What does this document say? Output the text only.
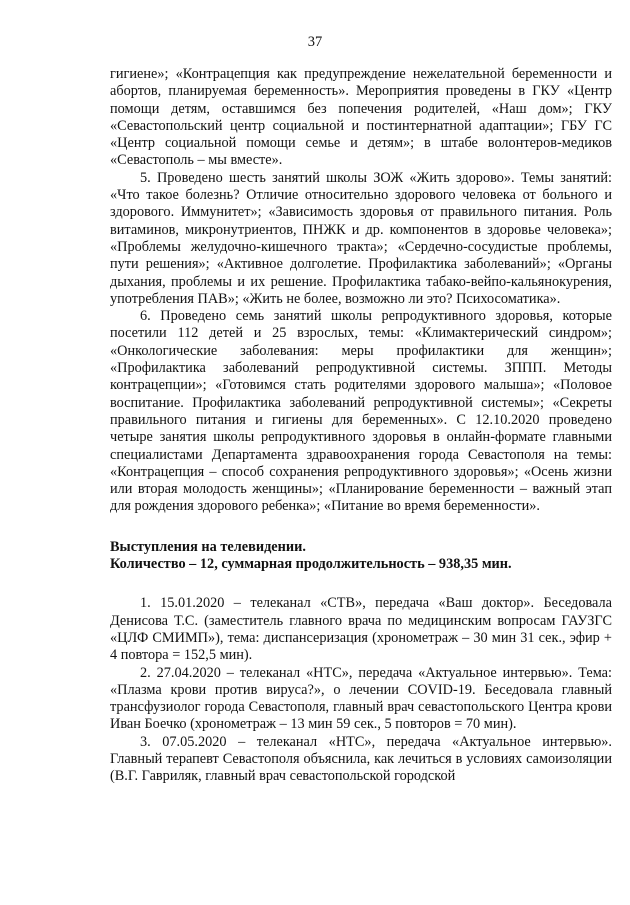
37

гигиене»; «Контрацепция как предупреждение нежелательной беременности и абортов, планируемая беременность». Мероприятия проведены в ГКУ «Центр помощи детям, оставшимся без попечения родителей, «Наш дом»; ГКУ «Севастопольский центр социальной и постинтернатной адаптации»; ГБУ ГС «Центр социальной помощи семье и детям»; в штабе волонтеров-медиков «Севастополь – мы вместе».

5. Проведено шесть занятий школы ЗОЖ «Жить здорово». Темы занятий: «Что такое болезнь? Отличие относительно здорового человека от больного и здорового. Иммунитет»; «Зависимость здоровья от правильного питания. Роль витаминов, микронутриентов, ПНЖК и др. компонентов в здоровье человека»; «Проблемы желудочно-кишечного тракта»; «Сердечно-сосудистые проблемы, пути решения»; «Активное долголетие. Профилактика заболеваний»; «Органы дыхания, проблемы и их решение. Профилактика табако-вейпо-кальянокурения, употребления ПАВ»; «Жить не более, возможно ли это? Психосоматика».

6. Проведено семь занятий школы репродуктивного здоровья, которые посетили 112 детей и 25 взрослых, темы: «Климактерический синдром»; «Онкологические заболевания: меры профилактики для женщин»; «Профилактика заболеваний репродуктивной системы. ЗППП. Методы контрацепции»; «Готовимся стать родителями здорового малыша»; «Половое воспитание. Профилактика заболеваний репродуктивной системы»; «Секреты правильного питания и гигиены для беременных». С 12.10.2020 проведено четыре занятия школы репродуктивного здоровья в онлайн-формате главными специалистами Департамента здравоохранения города Севастополя на темы: «Контрацепция – способ сохранения репродуктивного здоровья»; «Осень жизни или вторая молодость женщины»; «Планирование беременности – важный этап для рождения здорового ребенка»; «Питание во время беременности».

Выступления на телевидении.
Количество – 12, суммарная продолжительность – 938,35 мин.

1. 15.01.2020 – телеканал «СТВ», передача «Ваш доктор». Беседовала Денисова Т.С. (заместитель главного врача по медицинским вопросам ГАУЗГС «ЦЛФ СМИМП»), тема: диспансеризация (хронометраж – 30 мин 31 сек., эфир + 4 повтора = 152,5 мин).

2. 27.04.2020 – телеканал «НТС», передача «Актуальное интервью». Тема: «Плазма крови против вируса?», о лечении COVID-19. Беседовала главный трансфузиолог города Севастополя, главный врач севастопольского Центра крови Иван Боечко (хронометраж – 13 мин 59 сек., 5 повторов = 70 мин).

3. 07.05.2020 – телеканал «НТС», передача «Актуальное интервью». Главный терапевт Севастополя объяснила, как лечиться в условиях самоизоляции (В.Г. Гавриляк, главный врач севастопольской городской
